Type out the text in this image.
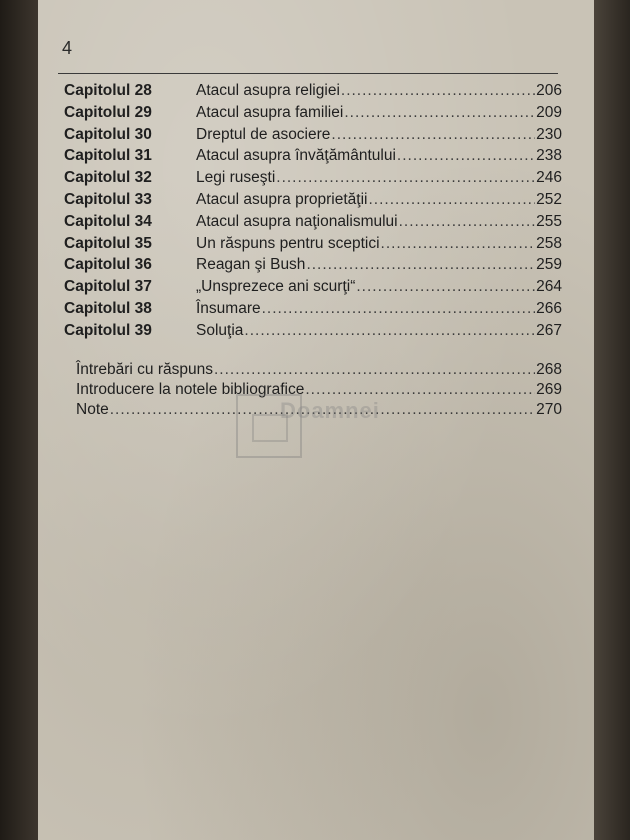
4
Capitolul 28	Atacul asupra religiei .....	206
Capitolul 29	Atacul asupra familiei .....	209
Capitolul 30	Dreptul de asociere .....	230
Capitolul 31	Atacul asupra învăţământului .....	238
Capitolul 32	Legi ruseşti .....	246
Capitolul 33	Atacul asupra proprietăţii .....	252
Capitolul 34	Atacul asupra naţionalismului .....	255
Capitolul 35	Un răspuns pentru sceptici .....	258
Capitolul 36	Reagan şi Bush .....	259
Capitolul 37	„Unsprezece ani scurţi“ .....	264
Capitolul 38	Însumare .....	266
Capitolul 39	Soluţia .....	267
Întrebări cu răspuns .....	268
Introducere la notele bibliografice .....	269
Note .....	270
Doamnei
